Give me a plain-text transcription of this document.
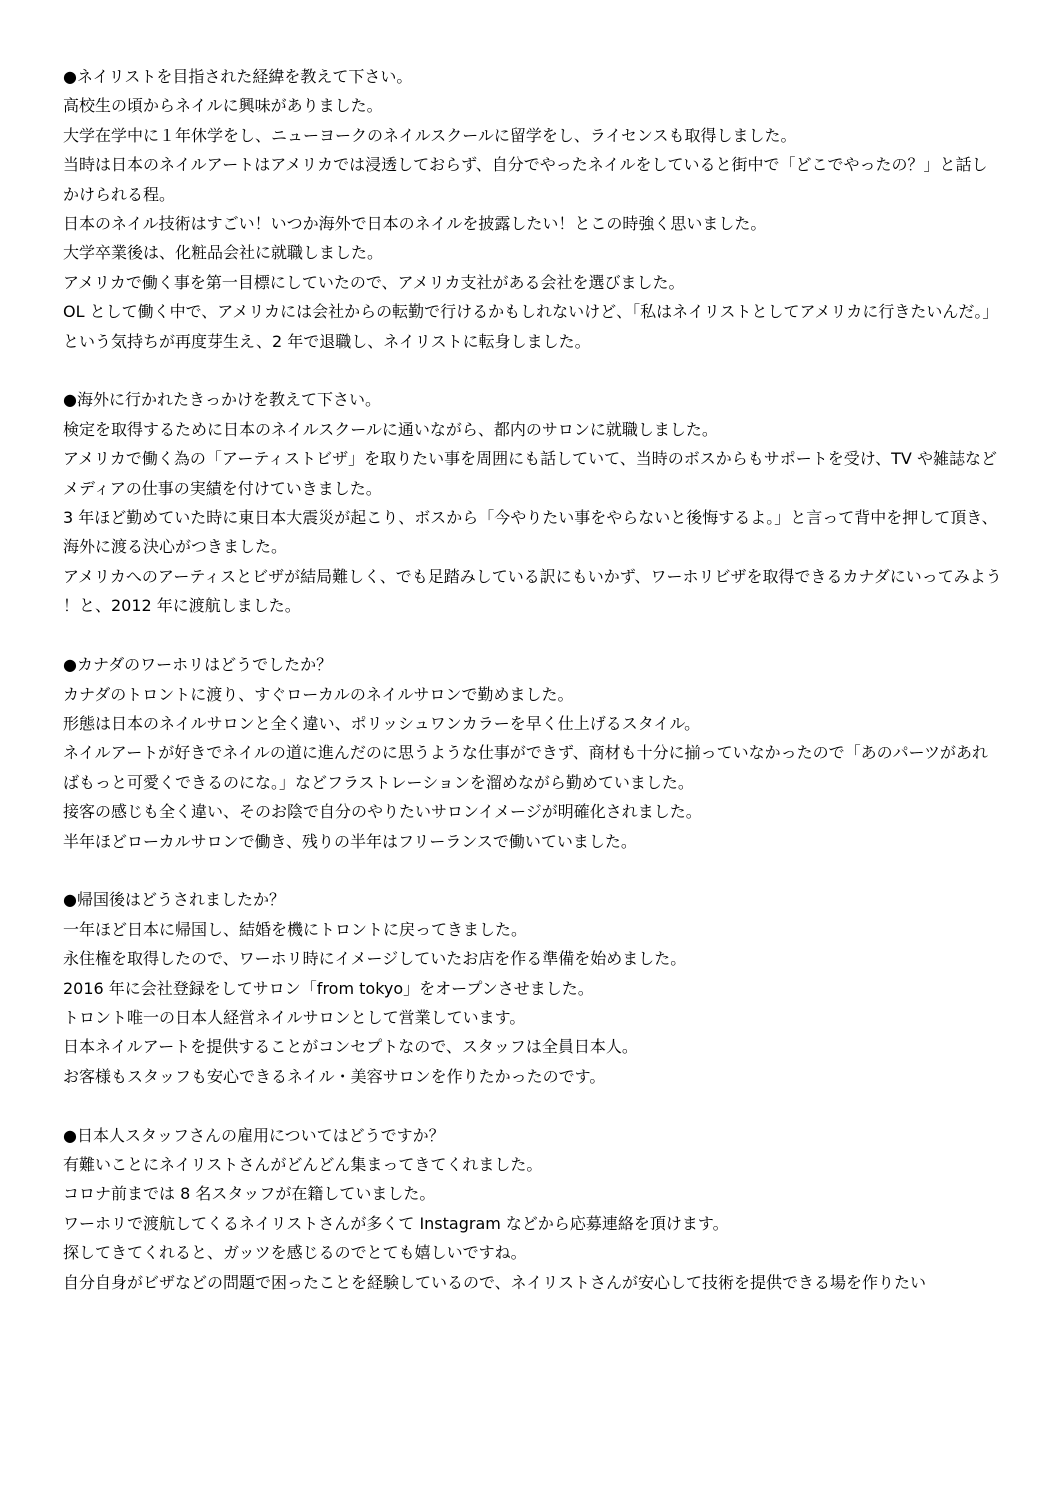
●ネイリストを目指された経緯を教えて下さい。

高校生の頃からネイルに興味がありました。

大学在学中に１年休学をし、ニューヨークのネイルスクールに留学をし、ライセンスも取得しました。

当時は日本のネイルアートはアメリカでは浸透しておらず、自分でやったネイルをしていると街中で「どこでやったの？」と話しかけられる程。

日本のネイル技術はすごい！いつか海外で日本のネイルを披露したい！とこの時強く思いました。

大学卒業後は、化粧品会社に就職しました。

アメリカで働く事を第一目標にしていたので、アメリカ支社がある会社を選びました。

OL として働く中で、アメリカには会社からの転勤で行けるかもしれないけど、「私はネイリストとしてアメリカに行きたいんだ。」という気持ちが再度芽生え、2 年で退職し、ネイリストに転身しました。

●海外に行かれたきっかけを教えて下さい。

検定を取得するために日本のネイルスクールに通いながら、都内のサロンに就職しました。

アメリカで働く為の「アーティストビザ」を取りたい事を周囲にも話していて、当時のボスからもサポートを受け、TV や雑誌などメディアの仕事の実績を付けていきました。

3 年ほど勤めていた時に東日本大震災が起こり、ボスから「今やりたい事をやらないと後悔するよ。」と言って背中を押して頂き、海外に渡る決心がつきました。

アメリカへのアーティスとビザが結局難しく、でも足踏みしている訳にもいかず、ワーホリビザを取得できるカナダにいってみよう！と、2012 年に渡航しました。

●カナダのワーホリはどうでしたか？

カナダのトロントに渡り、すぐローカルのネイルサロンで勤めました。

形態は日本のネイルサロンと全く違い、ポリッシュワンカラーを早く仕上げるスタイル。

ネイルアートが好きでネイルの道に進んだのに思うような仕事ができず、商材も十分に揃っていなかったので「あのパーツがあればもっと可愛くできるのにな。」などフラストレーションを溜めながら勤めていました。

接客の感じも全く違い、そのお陰で自分のやりたいサロンイメージが明確化されました。

半年ほどローカルサロンで働き、残りの半年はフリーランスで働いていました。

●帰国後はどうされましたか？

一年ほど日本に帰国し、結婚を機にトロントに戻ってきました。

永住権を取得したので、ワーホリ時にイメージしていたお店を作る準備を始めました。

2016 年に会社登録をしてサロン「from tokyo」をオープンさせました。

トロント唯一の日本人経営ネイルサロンとして営業しています。

日本ネイルアートを提供することがコンセプトなので、スタッフは全員日本人。

お客様もスタッフも安心できるネイル・美容サロンを作りたかったのです。

●日本人スタッフさんの雇用についてはどうですか？

有難いことにネイリストさんがどんどん集まってきてくれました。

コロナ前までは 8 名スタッフが在籍していました。

ワーホリで渡航してくるネイリストさんが多くて Instagram などから応募連絡を頂けます。

探してきてくれると、ガッツを感じるのでとても嬉しいですね。

自分自身がビザなどの問題で困ったことを経験しているので、ネイリストさんが安心して技術を提供できる場を作りたい
